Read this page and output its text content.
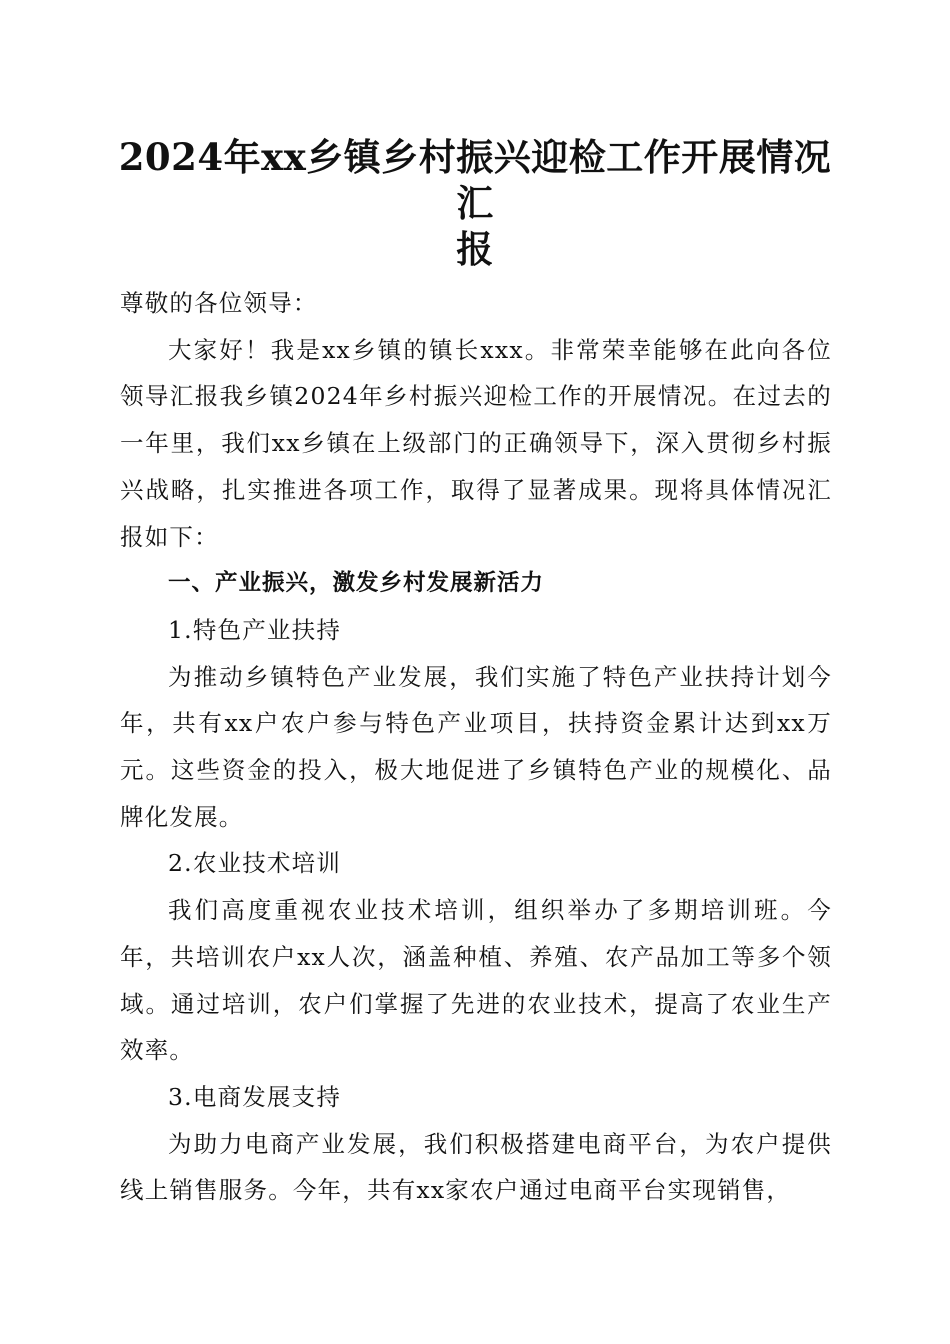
2024年xx乡镇乡村振兴迎检工作开展情况汇
报

尊敬的各位领导：

大家好！我是xx乡镇的镇长xxx。非常荣幸能够在此向各位领导汇报我乡镇2024年乡村振兴迎检工作的开展情况。在过去的一年里，我们xx乡镇在上级部门的正确领导下，深入贯彻乡村振兴战略，扎实推进各项工作，取得了显著成果。现将具体情况汇报如下：

一、产业振兴，激发乡村发展新活力

1.特色产业扶持

为推动乡镇特色产业发展，我们实施了特色产业扶持计划今年，共有xx户农户参与特色产业项目，扶持资金累计达到xx万元。这些资金的投入，极大地促进了乡镇特色产业的规模化、品牌化发展。

2.农业技术培训

我们高度重视农业技术培训，组织举办了多期培训班。今年，共培训农户xx人次，涵盖种植、养殖、农产品加工等多个领域。通过培训，农户们掌握了先进的农业技术，提高了农业生产效率。

3.电商发展支持

为助力电商产业发展，我们积极搭建电商平台，为农户提供线上销售服务。今年，共有xx家农户通过电商平台实现销售，
